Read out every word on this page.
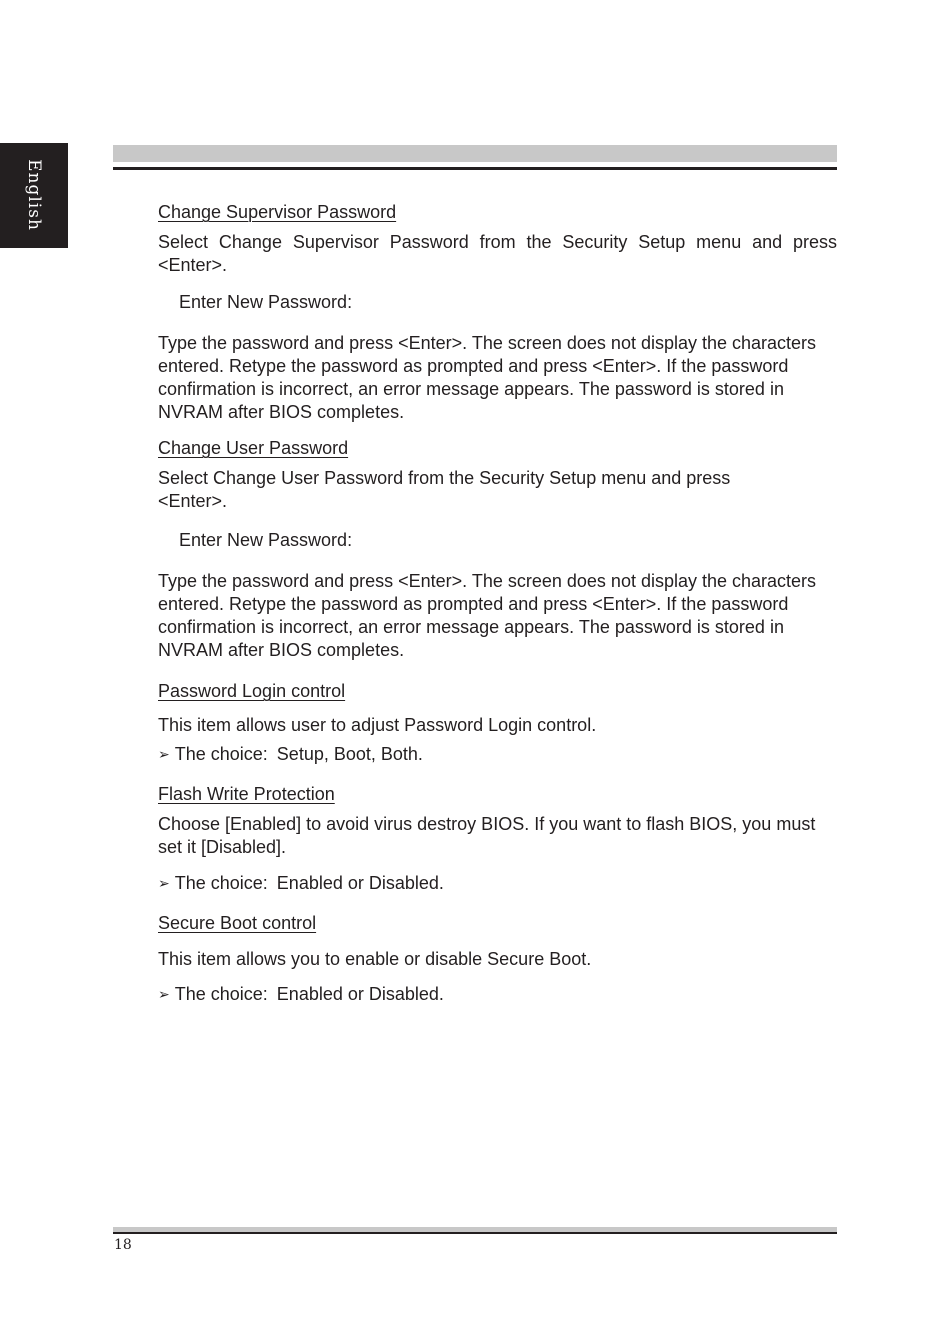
English	Change Supervisor Password
Select Change Supervisor Password from the Security Setup menu and press <Enter>.
Enter New Password:
Type the password and press <Enter>. The screen does not display the characters entered. Retype the password as prompted and press <Enter>. If the password confirmation is incorrect, an error message appears. The password is stored in NVRAM after BIOS completes.
Change User Password
Select Change User Password from the Security Setup menu and press <Enter>.
Enter New Password:
Type the password and press <Enter>. The screen does not display the characters entered. Retype the password as prompted and press <Enter>. If the password confirmation is incorrect, an error message appears. The password is stored in NVRAM after BIOS completes.
Password Login control
This item allows user to adjust Password Login control.
➢ The choice: Setup, Boot, Both.
Flash Write Protection
Choose [Enabled] to avoid virus destroy BIOS. If you want to flash BIOS, you must set it [Disabled].
➢ The choice: Enabled or Disabled.
Secure Boot control
This item allows you to enable or disable Secure Boot.
➢ The choice: Enabled or Disabled.
18
